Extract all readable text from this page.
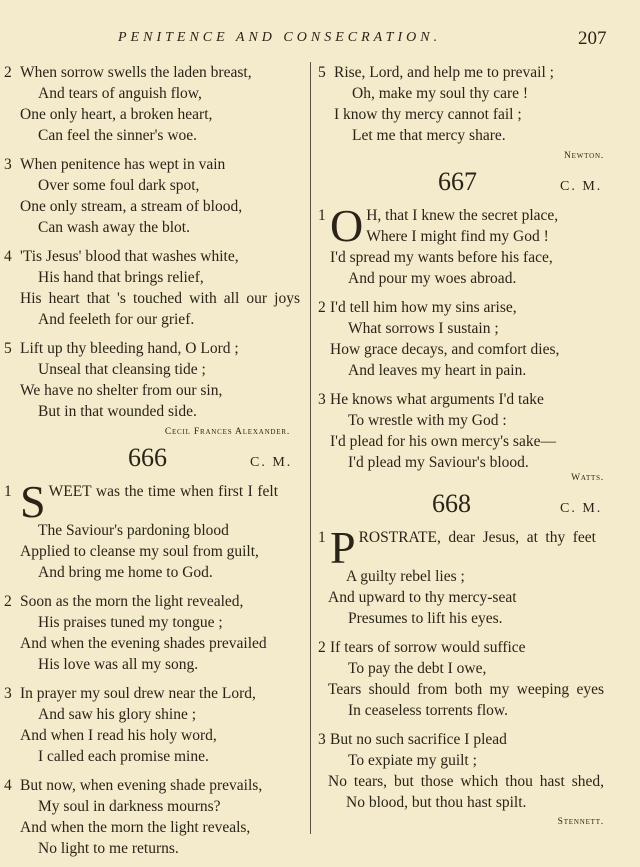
PENITENCE AND CONSECRATION.	207
2 When sorrow swells the laden breast,
And tears of anguish flow,
One only heart, a broken heart,
Can feel the sinner's woe.
3 When penitence has wept in vain
Over some foul dark spot,
One only stream, a stream of blood,
Can wash away the blot.
4 'Tis Jesus' blood that washes white,
His hand that brings relief,
His heart that 's touched with all our joys
And feeleth for our grief.
5 Lift up thy bleeding hand, O Lord ;
Unseal that cleansing tide ;
We have no shelter from our sin,
But in that wounded side.
Cecil Frances Alexander.
666	C. M.
1 S WEET was the time when first I felt
The Saviour's pardoning blood
Applied to cleanse my soul from guilt,
And bring me home to God.
2 Soon as the morn the light revealed,
His praises tuned my tongue ;
And when the evening shades prevailed
His love was all my song.
3 In prayer my soul drew near the Lord,
And saw his glory shine ;
And when I read his holy word,
I called each promise mine.
4 But now, when evening shade prevails,
My soul in darkness mourns?
And when the morn the light reveals,
No light to me returns.
5 Rise, Lord, and help me to prevail ;
Oh, make my soul thy care !
I know thy mercy cannot fail ;
Let me that mercy share.
Newton.
667	C. M.
1 O H, that I knew the secret place,
Where I might find my God !
I'd spread my wants before his face,
And pour my woes abroad.
2 I'd tell him how my sins arise,
What sorrows I sustain ;
How grace decays, and comfort dies,
And leaves my heart in pain.
3 He knows what arguments I'd take
To wrestle with my God :
I'd plead for his own mercy's sake—
I'd plead my Saviour's blood.
Watts.
668	C. M.
1 P ROSTRATE, dear Jesus, at thy feet
A guilty rebel lies ;
And upward to thy mercy-seat
Presumes to lift his eyes.
2 If tears of sorrow would suffice
To pay the debt I owe,
Tears should from both my weeping eyes
In ceaseless torrents flow.
3 But no such sacrifice I plead
To expiate my guilt ;
No tears, but those which thou hast shed,
No blood, but thou hast spilt.
Stennett.
